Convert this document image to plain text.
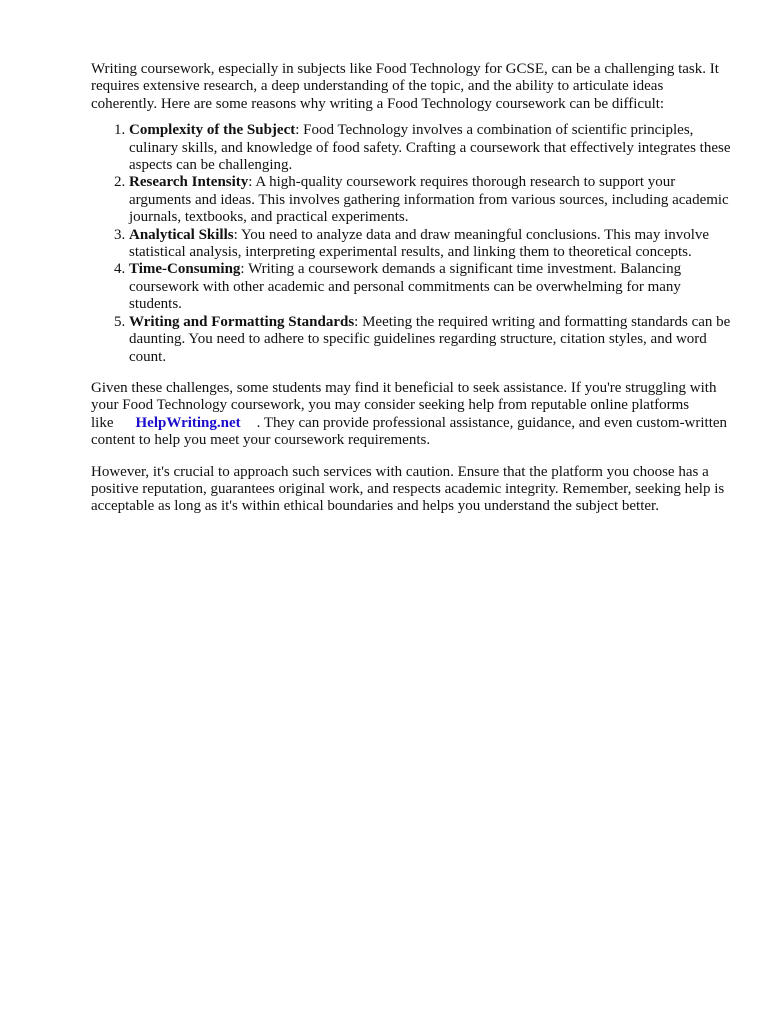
Writing coursework, especially in subjects like Food Technology for GCSE, can be a challenging task. It requires extensive research, a deep understanding of the topic, and the ability to articulate ideas coherently. Here are some reasons why writing a Food Technology coursework can be difficult:

1. Complexity of the Subject: Food Technology involves a combination of scientific principles, culinary skills, and knowledge of food safety. Crafting a coursework that effectively integrates these aspects can be challenging.
2. Research Intensity: A high-quality coursework requires thorough research to support your arguments and ideas. This involves gathering information from various sources, including academic journals, textbooks, and practical experiments.
3. Analytical Skills: You need to analyze data and draw meaningful conclusions. This may involve statistical analysis, interpreting experimental results, and linking them to theoretical concepts.
4. Time-Consuming: Writing a coursework demands a significant time investment. Balancing coursework with other academic and personal commitments can be overwhelming for many students.
5. Writing and Formatting Standards: Meeting the required writing and formatting standards can be daunting. You need to adhere to specific guidelines regarding structure, citation styles, and word count.

Given these challenges, some students may find it beneficial to seek assistance. If you're struggling with your Food Technology coursework, you may consider seeking help from reputable online platforms like HelpWriting.net . They can provide professional assistance, guidance, and even custom-written content to help you meet your coursework requirements.

However, it's crucial to approach such services with caution. Ensure that the platform you choose has a positive reputation, guarantees original work, and respects academic integrity. Remember, seeking help is acceptable as long as it's within ethical boundaries and helps you understand the subject better.
